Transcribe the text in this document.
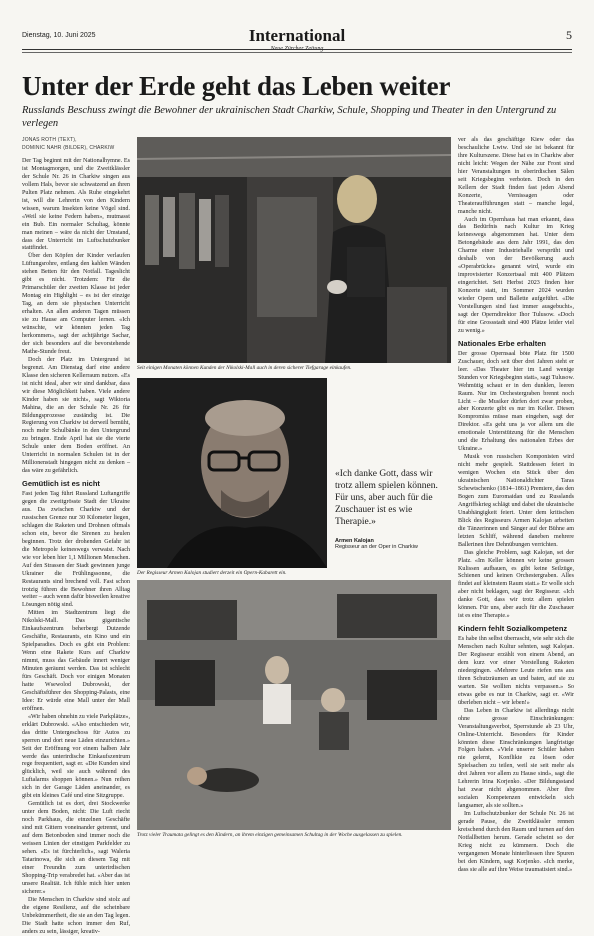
Dienstag, 10. Juni 2025	International
Neue Zürcher Zeitung
5
Unter der Erde geht das Leben weiter

Russlands Beschuss zwingt die Bewohner der ukrainischen Stadt Charkiw, Schule, Shopping und Theater in den Untergrund zu verlegen

JONAS ROTH (TEXT),
DOMINIC NAHR (BILDER), CHARKIW

Der Tag beginnt mit der Nationalhymne. Es ist Montagmorgen, und die Zweitklässler der Schule Nr. 26 in Charkiw singen aus vollem Hals, bevor sie schwatzend an ihren Pulten Platz nehmen. Als Ruhe eingekehrt ist, will die Lehrerin von den Kindern wissen, warum Insekten keine Vögel sind. «Weil sie keine Federn haben», mutmasst ein Bub. Ein normaler Schultag, könnte man meinen – wäre da nicht der Umstand, dass der Unterricht im Luftschutzbunker stattfindet.

Über den Köpfen der Kinder verlaufen Lüftungsrohre, entlang den kahlen Wänden stehen Betten für den Notfall. Tageslicht gibt es nicht. Trotzdem: Für die Primarschüler der zweiten Klasse ist jeder Montag ein Highlight – es ist der einzige Tag, an dem sie physischen Unterricht erhalten. An allen anderen Tagen müssen sie zu Hause am Computer lernen. «Ich wünschte, wir könnten jeden Tag herkommen», sagt der achtjährige Sachar, der sich besonders auf die bevorstehende Mathe-Stunde freut.

Doch der Platz im Untergrund ist begrenzt. Am Dienstag darf eine andere Klasse den sicheren Kellerraum nutzen. «Es ist nicht ideal, aber wir sind dankbar, dass wir diese Möglichkeit haben. Viele andere Kinder haben sie nicht», sagt Wiktoria Mahina, die an der Schule Nr. 26 für Bildungsprozesse zuständig ist. Die Regierung von Charkiw ist derweil bemüht, noch mehr Schulbänke in den Untergrund zu bringen. Ende April hat sie die vierte Schule unter dem Boden eröffnet. An Unterricht in normalen Schulen ist in der Millionenstadt hingegen nicht zu denken – das wäre zu gefährlich.

Gemütlich ist es nicht

Fast jeden Tag führt Russland Luftangriffe gegen die zweitgrösste Stadt der Ukraine aus. Da zwischen Charkiw und der russischen Grenze nur 30 Kilometer liegen, schlagen die Raketen und Drohnen oftmals schon ein, bevor die Sirenen zu heulen beginnen. Trotz der drohenden Gefahr ist die Metropole keineswegs verwaist. Nach wie vor leben hier 1,1 Millionen Menschen. Auf den Strassen der Stadt gewinnen junge Ukrainer die Frühlingssonne, die Restaurants sind brechend voll. Fast schon trotzig führen die Bewohner ihren Alltag weiter – auch wenn dafür bisweilen kreative Lösungen nötig sind.

Mitten im Stadtzentrum liegt die Nikolski-Mall. Das gigantische Einkaufszentrum beherbergt Dutzende Geschäfte, Restaurants, ein Kino und ein Spielparadies. Doch es gibt ein Problem: Wenn eine Rakete Kurs auf Charkiw nimmt, muss das Gebäude innert weniger Minuten geräumt werden. Das ist schlecht fürs Geschäft. Doch vor einigen Monaten hatte Wsewolod Dubrowski, der Geschäftsführer des Shopping-Palasts, eine Idee: Er würde eine Mall unter der Mall eröffnen.

«Wir haben ohnehin zu viele Parkplätze», erklärt Dubrowski. «Also entschieden wir, das dritte Untergeschoss für Autos zu sperren und dort neue Läden einzurichten.» Seit der Eröffnung vor einem halben Jahr werde das unterirdische Einkaufszentrum rege frequentiert, sagt er. «Die Kunden sind glücklich, weil sie auch während des Luftalarms shoppen können.» Nun reihen sich in der Garage Läden aneinander, es gibt ein kleines Café und eine Sitzgruppe.

Gemütlich ist es dort, drei Stockwerke unter dem Boden, nicht: Die Luft riecht noch Parkhaus, die einzelnen Geschäfte sind mit Gittern voneinander getrennt, und auf dem Betonboden sind immer noch die weissen Linien der einstigen Parkfelder zu sehen. «Es ist fürchterlich», sagt Waleria Tatarinowa, die sich an diesem Tag mit einer Freundin zum unterirdischen Shopping-Trip verabredet hat. «Aber das ist unsere Realität. Ich fühle mich hier unten sicherer.»

Die Menschen in Charkiw sind stolz auf die eigene Resilienz, auf die scheinbare Unbekümmertheit, die sie an den Tag legen. Die Stadt hatte schon immer den Ruf, anders zu sein, lässiger, kreativ-

Seit einigen Monaten können Kunden der Nikolski-Mall auch in deren sicherer Tiefgarage einkaufen.
Der Regisseur Armen Kalojan studiert derzeit ein Opern-Kabarett ein.
«Ich danke Gott, dass wir trotz allem spielen können. Für uns, aber auch für die Zuschauer ist es wie Therapie.»
Armen Kalojan
Regisseur an der Oper in Charkiw
Trotz vieler Traumata gelingt es den Kindern, an ihrem einzigen gemeinsamen Schultag in der Woche ausgelassen zu spielen.

ver als das geschäftige Kiew oder das beschauliche Lwiw. Und sie ist bekannt für ihre Kulturszene. Diese hat es in Charkiw aber nicht leicht: Wegen der Nähe zur Front sind hier Veranstaltungen in oberirdischen Sälen seit Kriegsbeginn verboten. Doch in den Kellern der Stadt finden fast jeden Abend Konzerte, Vernissagen oder Theateraufführungen statt – manche legal, manche nicht.

Auch im Opernhaus hat man erkannt, dass das Bedürfnis nach Kultur im Krieg keineswegs abgenommen hat. Unter dem Betongebäude aus dem Jahr 1991, das den Charme einer Industriehalle versprüht und deshalb von der Bevölkerung auch «Operabrücke» genannt wird, wurde ein improvisierter Konzertsaal mit 400 Plätzen eingerichtet. Seit Herbst 2023 finden hier Konzerte statt, im Sommer 2024 wurden wieder Opern und Ballette aufgeführt. «Die Vorstellungen sind fast immer ausgebucht», sagt der Operndirektor Ihor Tulusow. «Doch für eine Grossstadt sind 400 Plätze leider viel zu wenig.»

Nationales Erbe erhalten

Der grosse Opernsaal böte Platz für 1500 Zuschauer, doch seit über drei Jahren steht er leer. «Das Theater hier im Land wenige Stunden vor Kriegsbeginn statt», sagt Tulusow. Wehmütig schaut er in den dunklen, leeren Raum. Nur im Orchestergraben brennt noch Licht – die Musiker dürfen dort zwar proben, aber Konzerte gibt es nur im Keller. Diesen Kompromiss müsse man eingehen, sagt der Direktor. «Es geht uns ja vor allem um die emotionale Unterstützung für die Menschen und die Erhaltung des nationalen Erbes der Ukraine.»

Musik von russischen Komponisten wird nicht mehr gespielt. Stattdessen feiert in wenigen Wochen ein Stück über den ukrainischen Nationaldichter Taras Schewtschenko (1814–1861) Premiere, das den Bogen zum Euromaidan und zu Russlands Angriffskrieg schlägt und dabei die ukrainische Unabhängigkeit feiert. Unter dem kritischen Blick des Regisseurs Armen Kalojan arbeiten die Tänzerinnen und Sänger auf der Bühne am letzten Schliff, während daneben mehrere Ballerinen ihre Dehnübungen verrichten.

Das gleiche Problem, sagt Kalojan, sei der Platz. «Im Keller können wir keine grossen Kulissen aufbauen, es gibt keine Seilzüge, Schienen und keinen Orchestergraben. Alles findet auf kleinstem Raum statt.» Er wolle sich aber nicht beklagen, sagt der Regisseur. «Ich danke Gott, dass wir trotz allem spielen können. Für uns, aber auch für die Zuschauer ist es eine Therapie.»

Kindern fehlt Sozialkompetenz

Es habe ihn selbst überrascht, wie sehr sich die Menschen nach Kultur sehnten, sagt Kalojan. Der Regisseur erzählt von einem Abend, an dem kurz vor einer Vorstellung Raketen niedergingen. «Mehrere Leute riefen uns aus ihren Schutzräumen an und baten, auf sie zu warten. Sie wollten nichts verpassen.» So etwas gebe es nur in Charkiw, sagt er. «Wir überleben nicht – wir leben!»

Das Leben in Charkiw ist allerdings nicht ohne grosse Einschränkungen: Veranstaltungsverbot, Sperrstunde ab 23 Uhr, Online-Unterricht. Besonders für Kinder könnten diese Einschränkungen langfristige Folgen haben. «Viele unserer Schüler haben nie gelernt, Konflikte zu lösen oder Spielsachen zu teilen, weil sie seit mehr als drei Jahren vor allem zu Hause sind», sagt die Lehrerin Irina Korjenko. «Der Bildungsstand hat zwar nicht abgenommen. Aber ihre sozialen Kompetenzen entwickeln sich langsamer, als sie sollten.»

Im Luftschutzbunker der Schule Nr. 26 ist gerade Pause, die Zweitklässler rennen kreischend durch den Raum und turnen auf den Notfallbetten herum. Gerade scheint so der Krieg nicht zu kümmern. Doch die vergangenen Monate hinterliessen ihre Spuren bei den Kindern, sagt Korjenko. «Ich merke, dass sie alle auf ihre Weise traumatisiert sind.»
